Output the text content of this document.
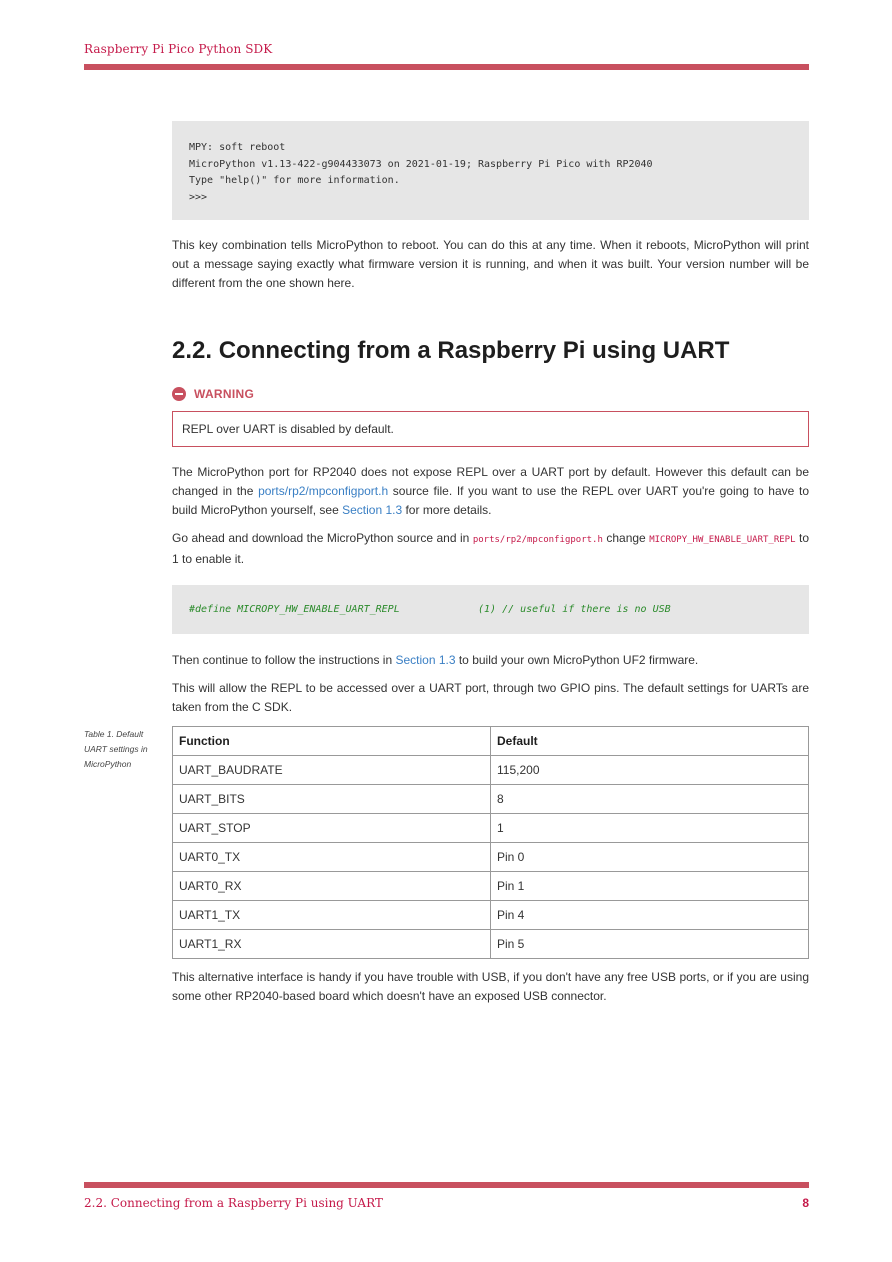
Raspberry Pi Pico Python SDK
MPY: soft reboot
MicroPython v1.13-422-g904433073 on 2021-01-19; Raspberry Pi Pico with RP2040
Type "help()" for more information.
>>>
This key combination tells MicroPython to reboot. You can do this at any time. When it reboots, MicroPython will print out a message saying exactly what firmware version it is running, and when it was built. Your version number will be different from the one shown here.
2.2. Connecting from a Raspberry Pi using UART
WARNING
REPL over UART is disabled by default.
The MicroPython port for RP2040 does not expose REPL over a UART port by default. However this default can be changed in the ports/rp2/mpconfigport.h source file. If you want to use the REPL over UART you're going to have to build MicroPython yourself, see Section 1.3 for more details.
Go ahead and download the MicroPython source and in ports/rp2/mpconfigport.h change MICROPY_HW_ENABLE_UART_REPL to 1 to enable it.
#define MICROPY_HW_ENABLE_UART_REPL             (1) // useful if there is no USB
Then continue to follow the instructions in Section 1.3 to build your own MicroPython UF2 firmware.
This will allow the REPL to be accessed over a UART port, through two GPIO pins. The default settings for UARTs are taken from the C SDK.
Table 1. Default UART settings in MicroPython
Function	Default
UART_BAUDRATE	115,200
UART_BITS	8
UART_STOP	1
UART0_TX	Pin 0
UART0_RX	Pin 1
UART1_TX	Pin 4
UART1_RX	Pin 5
This alternative interface is handy if you have trouble with USB, if you don't have any free USB ports, or if you are using some other RP2040-based board which doesn't have an exposed USB connector.
2.2. Connecting from a Raspberry Pi using UART	8
